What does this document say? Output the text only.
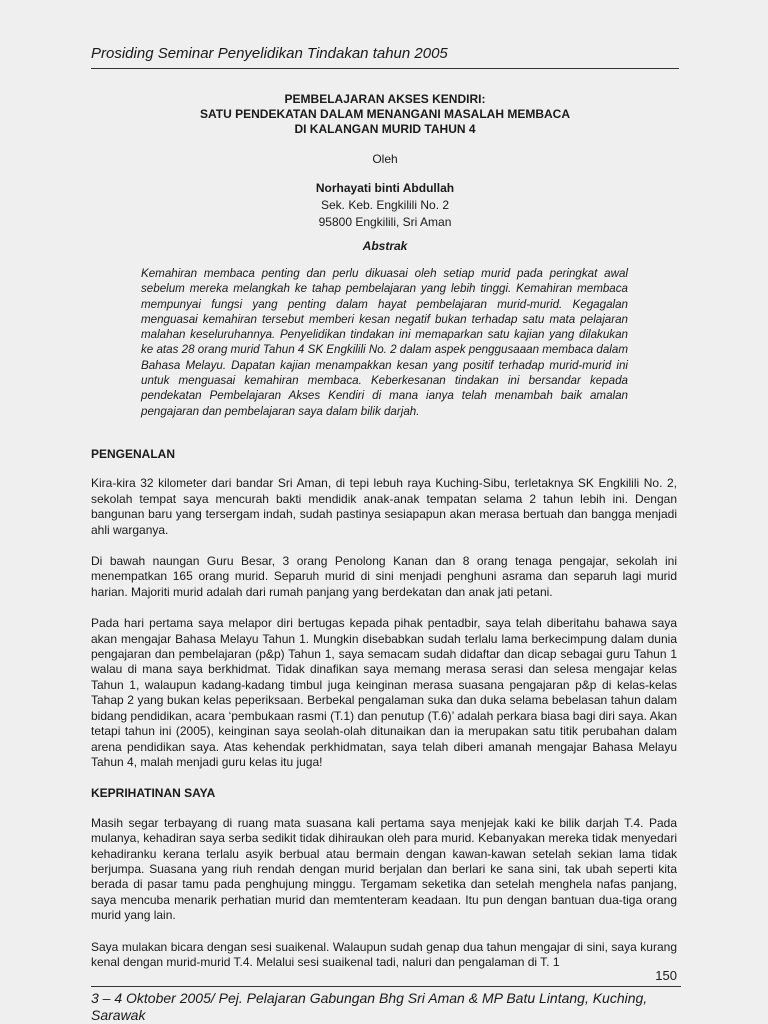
Prosiding Seminar Penyelidikan Tindakan tahun 2005
PEMBELAJARAN AKSES KENDIRI:
SATU PENDEKATAN DALAM MENANGANI MASALAH MEMBACA
DI KALANGAN MURID TAHUN 4
Oleh
Norhayati binti Abdullah
Sek. Keb. Engkilili No. 2
95800 Engkilili, Sri Aman
Abstrak

Kemahiran membaca penting dan perlu dikuasai oleh setiap murid pada peringkat awal sebelum mereka melangkah ke tahap pembelajaran yang lebih tinggi. Kemahiran membaca mempunyai fungsi yang penting dalam hayat pembelajaran murid-murid. Kegagalan menguasai kemahiran tersebut memberi kesan negatif bukan terhadap satu mata pelajaran malahan keseluruhannya. Penyelidikan tindakan ini memaparkan satu kajian yang dilakukan ke atas 28 orang murid Tahun 4 SK Engkilili No. 2 dalam aspek penggusaaan membaca dalam Bahasa Melayu. Dapatan kajian menampakkan kesan yang positif terhadap murid-murid ini untuk menguasai kemahiran membaca. Keberkesanan tindakan ini bersandar kepada pendekatan Pembelajaran Akses Kendiri di mana ianya telah menambah baik amalan pengajaran dan pembelajaran saya dalam bilik darjah.

PENGENALAN

Kira-kira 32 kilometer dari bandar Sri Aman, di tepi lebuh raya Kuching-Sibu, terletaknya SK Engkilili No. 2, sekolah tempat saya mencurah bakti mendidik anak-anak tempatan selama 2 tahun lebih ini. Dengan bangunan baru yang tersergam indah, sudah pastinya sesiapapun akan merasa bertuah dan bangga menjadi ahli warganya.

Di bawah naungan Guru Besar, 3 orang Penolong Kanan dan 8 orang tenaga pengajar, sekolah ini menempatkan 165 orang murid. Separuh murid di sini menjadi penghuni asrama dan separuh lagi murid harian. Majoriti murid adalah dari rumah panjang yang berdekatan dan anak jati petani.

Pada hari pertama saya melapor diri bertugas kepada pihak pentadbir, saya telah diberitahu bahawa saya akan mengajar Bahasa Melayu Tahun 1. Mungkin disebabkan sudah terlalu lama berkecimpung dalam dunia pengajaran dan pembelajaran (p&p) Tahun 1, saya semacam sudah didaftar dan dicap sebagai guru Tahun 1 walau di mana saya berkhidmat. Tidak dinafikan saya memang merasa serasi dan selesa mengajar kelas Tahun 1, walaupun kadang-kadang timbul juga keinginan merasa suasana pengajaran p&p di kelas-kelas Tahap 2 yang bukan kelas peperiksaan. Berbekal pengalaman suka dan duka selama bebelasan tahun dalam bidang pendidikan, acara ‘pembukaan rasmi (T.1) dan penutup (T.6)’ adalah perkara biasa bagi diri saya. Akan tetapi tahun ini (2005), keinginan saya seolah-olah ditunaikan dan ia merupakan satu titik perubahan dalam arena pendidikan saya. Atas kehendak perkhidmatan, saya telah diberi amanah mengajar Bahasa Melayu Tahun 4, malah menjadi guru kelas itu juga!

KEPRIHATINAN SAYA

Masih segar terbayang di ruang mata suasana kali pertama saya menjejak kaki ke bilik darjah T.4. Pada mulanya, kehadiran saya serba sedikit tidak dihiraukan oleh para murid. Kebanyakan mereka tidak menyedari kehadiranku kerana terlalu asyik berbual atau bermain dengan kawan-kawan setelah sekian lama tidak berjumpa. Suasana yang riuh rendah dengan murid berjalan dan berlari ke sana sini, tak ubah seperti kita berada di pasar tamu pada penghujung minggu. Tergamam seketika dan setelah menghela nafas panjang, saya mencuba menarik perhatian murid dan memtenteram keadaan. Itu pun dengan bantuan dua-tiga orang murid yang lain.

Saya mulakan bicara dengan sesi suaikenal. Walaupun sudah genap dua tahun mengajar di sini, saya kurang kenal dengan murid-murid T.4. Melalui sesi suaikenal tadi, naluri dan pengalaman di T. 1

150
3 – 4 Oktober 2005/ Pej. Pelajaran Gabungan Bhg Sri Aman & MP Batu Lintang, Kuching, Sarawak
